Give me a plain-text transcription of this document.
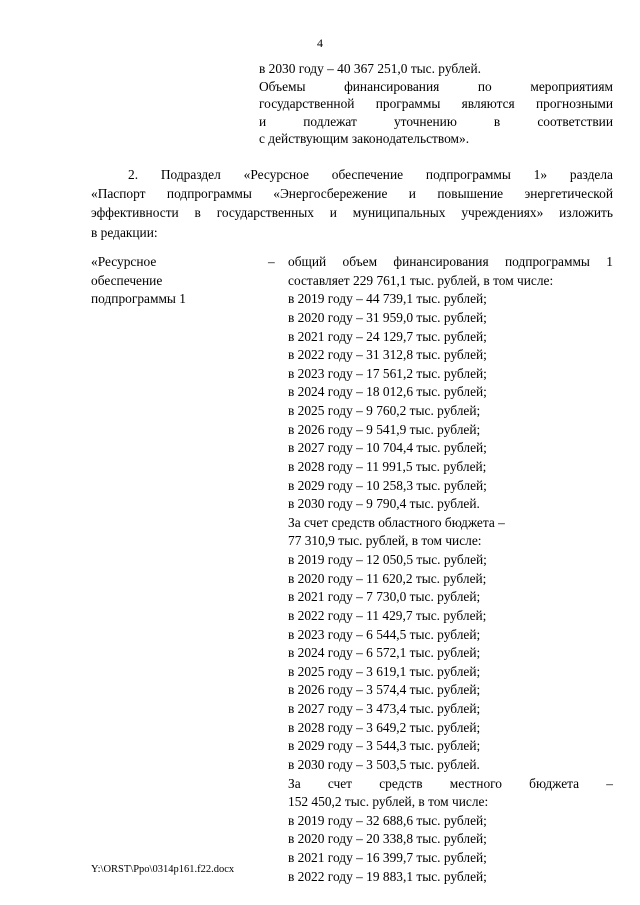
4
в 2030 году – 40 367 251,0 тыс. рублей.
Объемы финансирования по мероприятиям
государственной программы являются прогнозными
и подлежат уточнению в соответствии
с действующим законодательством».
2. Подраздел «Ресурсное обеспечение подпрограммы 1» раздела
«Паспорт подпрограммы «Энергосбережение и повышение энергетической
эффективности в государственных и муниципальных учреждениях» изложить
в редакции:
«Ресурсное
обеспечение
подпрограммы 1
– общий объем финансирования подпрограммы 1
составляет 229 761,1 тыс. рублей, в том числе:
в 2019 году – 44 739,1 тыс. рублей;
в 2020 году – 31 959,0 тыс. рублей;
в 2021 году – 24 129,7 тыс. рублей;
в 2022 году – 31 312,8 тыс. рублей;
в 2023 году – 17 561,2 тыс. рублей;
в 2024 году – 18 012,6 тыс. рублей;
в 2025 году – 9 760,2 тыс. рублей;
в 2026 году – 9 541,9 тыс. рублей;
в 2027 году – 10 704,4 тыс. рублей;
в 2028 году – 11 991,5 тыс. рублей;
в 2029 году – 10 258,3 тыс. рублей;
в 2030 году – 9 790,4 тыс. рублей.
За счет средств областного бюджета –
77 310,9 тыс. рублей, в том числе:
в 2019 году – 12 050,5 тыс. рублей;
в 2020 году – 11 620,2 тыс. рублей;
в 2021 году – 7 730,0 тыс. рублей;
в 2022 году – 11 429,7 тыс. рублей;
в 2023 году – 6 544,5 тыс. рублей;
в 2024 году – 6 572,1 тыс. рублей;
в 2025 году – 3 619,1 тыс. рублей;
в 2026 году – 3 574,4 тыс. рублей;
в 2027 году – 3 473,4 тыс. рублей;
в 2028 году – 3 649,2 тыс. рублей;
в 2029 году – 3 544,3 тыс. рублей;
в 2030 году – 3 503,5 тыс. рублей.
За счет средств местного бюджета –
152 450,2 тыс. рублей, в том числе:
в 2019 году – 32 688,6 тыс. рублей;
в 2020 году – 20 338,8 тыс. рублей;
в 2021 году – 16 399,7 тыс. рублей;
в 2022 году – 19 883,1 тыс. рублей;
Y:\ORST\Ppo\0314p161.f22.docx
